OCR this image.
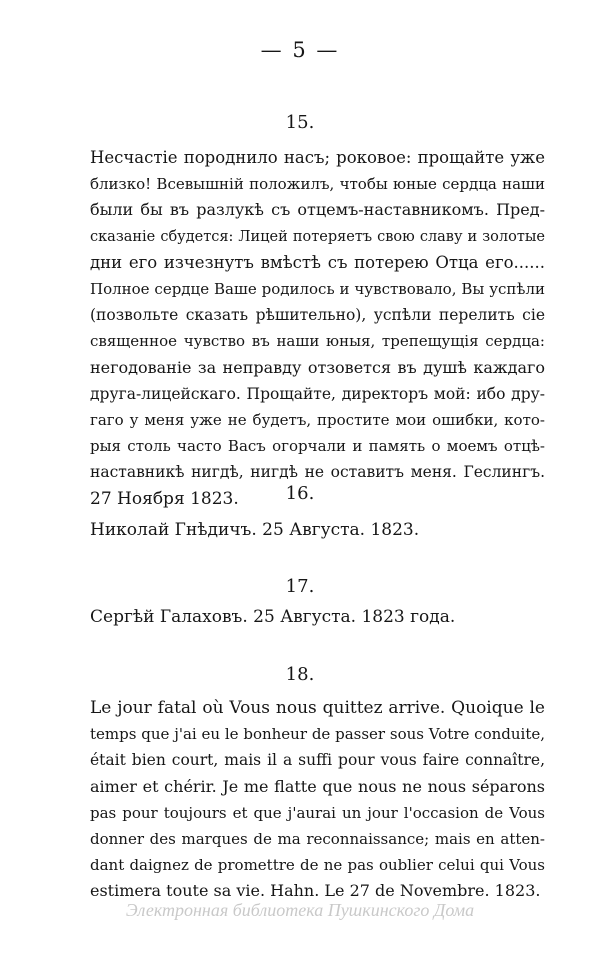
— 5 —
15.
Несчастіе породнило насъ; роковое: прощайте уже
близко! Всевышній положилъ, чтобы юные сердца наши
были бы въ разлукѣ съ отцемъ-наставникомъ. Пред-
сказаніе сбудется: Лицей потеряетъ свою славу и золотые
дни его изчезнутъ вмѣстѣ съ потерею Отца его......
Полное сердце Ваше родилось и чувствовало, Вы успѣли
(позвольте сказать рѣшительно), успѣли перелить сіе
священное чувство въ наши юныя, трепещущія сердца:
негодованіе за неправду отзовется въ душѣ каждаго
друга-лицейскаго. Прощайте, директоръ мой: ибо дру-
гаго у меня уже не будетъ, простите мои ошибки, кото-
рыя столь часто Васъ огорчали и память о моемъ отцѣ-
наставникѣ нигдѣ, нигдѣ не оставитъ меня. Геслингъ.
27 Ноября 1823.	16.
Николай Гнѣдичъ. 25 Августа. 1823.
17.
Сергѣй Галаховъ. 25 Августа. 1823 года.
18.
Le jour fatal où Vous nous quittez arrive. Quoique le
temps que j'ai eu le bonheur de passer sous Votre conduite,
était bien court, mais il a suffi pour vous faire connaître,
aimer et chérir. Je me flatte que nous ne nous séparons
pas pour toujours et que j'aurai un jour l'occasion de Vous
donner des marques de ma reconnaissance; mais en atten-
dant daignez de promettre de ne pas oublier celui qui Vous
estimera toute sa vie. Hahn. Le 27 de Novembre. 1823.
Электронная библиотека Пушкинского Дома
